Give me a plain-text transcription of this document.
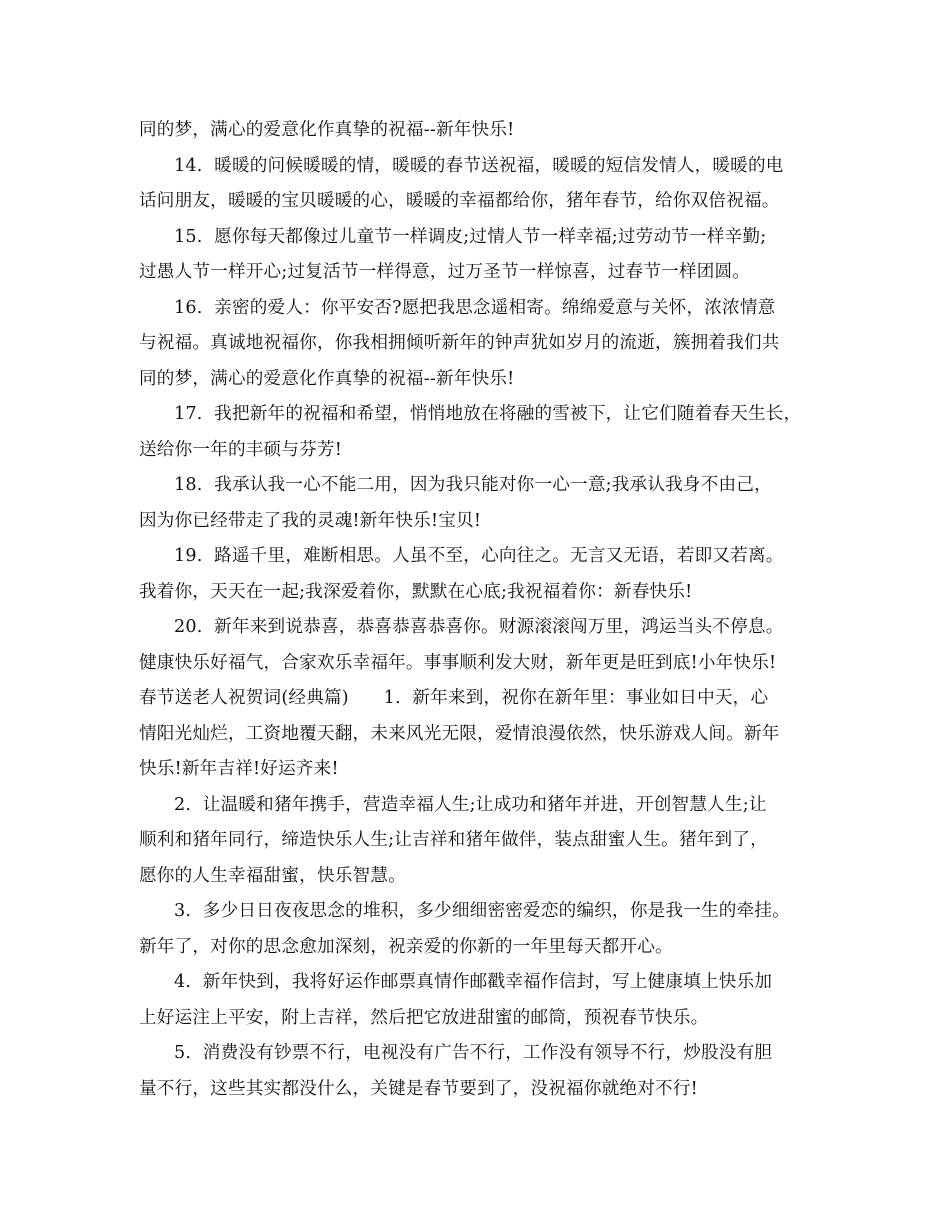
同的梦，满心的爱意化作真挚的祝福--新年快乐!
14.  暖暖的问候暖暖的情，暖暖的春节送祝福，暖暖的短信发情人，暖暖的电
话问朋友，暖暖的宝贝暖暖的心，暖暖的幸福都给你，猪年春节，给你双倍祝福。
15.  愿你每天都像过儿童节一样调皮;过情人节一样幸福;过劳动节一样辛勤;
过愚人节一样开心;过复活节一样得意，过万圣节一样惊喜，过春节一样团圆。
16.  亲密的爱人：你平安否?愿把我思念遥相寄。绵绵爱意与关怀，浓浓情意
与祝福。真诚地祝福你，你我相拥倾听新年的钟声犹如岁月的流逝，簇拥着我们共
同的梦，满心的爱意化作真挚的祝福--新年快乐!
17.  我把新年的祝福和希望，悄悄地放在将融的雪被下，让它们随着春天生长，
送给你一年的丰硕与芬芳!
18.  我承认我一心不能二用，因为我只能对你一心一意;我承认我身不由己，
因为你已经带走了我的灵魂!新年快乐!宝贝!
19.  路遥千里，难断相思。人虽不至，心向往之。无言又无语，若即又若离。
我着你，天天在一起;我深爱着你，默默在心底;我祝福着你：新春快乐!
20.  新年来到说恭喜，恭喜恭喜恭喜你。财源滚滚闯万里，鸿运当头不停息。
健康快乐好福气，合家欢乐幸福年。事事顺利发大财，新年更是旺到底!小年快乐!
春节送老人祝贺词(经典篇)      1.  新年来到，祝你在新年里：事业如日中天，心
情阳光灿烂，工资地覆天翻，未来风光无限，爱情浪漫依然，快乐游戏人间。新年
快乐!新年吉祥!好运齐来!
2.  让温暖和猪年携手，营造幸福人生;让成功和猪年并进，开创智慧人生;让
顺利和猪年同行，缔造快乐人生;让吉祥和猪年做伴，装点甜蜜人生。猪年到了，
愿你的人生幸福甜蜜，快乐智慧。
3.  多少日日夜夜思念的堆积，多少细细密密爱恋的编织，你是我一生的牵挂。
新年了，对你的思念愈加深刻，祝亲爱的你新的一年里每天都开心。
4.  新年快到，我将好运作邮票真情作邮戳幸福作信封，写上健康填上快乐加
上好运注上平安，附上吉祥，然后把它放进甜蜜的邮筒，预祝春节快乐。
5.  消费没有钞票不行，电视没有广告不行，工作没有领导不行，炒股没有胆
量不行，这些其实都没什么，关键是春节要到了，没祝福你就绝对不行!
